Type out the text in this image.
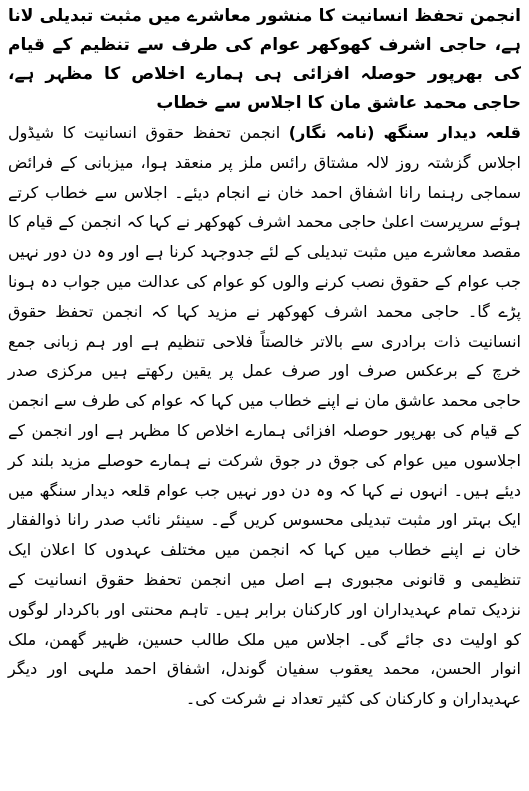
انجمن تحفظ انسانیت کا منشور معاشرے میں مثبت تبدیلی لانا ہے، حاجی اشرف کھوکھر عوام کی طرف سے تنظیم کے قیام کی بھرپور حوصلہ افزائی ہی ہمارے اخلاص کا مظہر ہے، حاجی محمد عاشق مان کا اجلاس سے خطاب

قلعہ دیدار سنگھ (نامہ نگار) انجمن تحفظ حقوق انسانیت کا شیڈول اجلاس گزشتہ روز لالہ مشتاق رائس ملز پر منعقد ہوا، میزبانی کے فرائض سماجی رہنما رانا اشفاق احمد خان نے انجام دیئے۔ اجلاس سے خطاب کرتے ہوئے سرپرست اعلیٰ حاجی محمد اشرف کھوکھر نے کہا کہ انجمن کے قیام کا مقصد معاشرے میں مثبت تبدیلی کے لئے جدوجہد کرنا ہے اور وہ دن دور نہیں جب عوام کے حقوق نصب کرنے والوں کو عوام کی عدالت میں جواب دہ ہونا پڑے گا۔ حاجی محمد اشرف کھوکھر نے مزید کہا کہ انجمن تحفظ حقوق انسانیت ذات برادری سے بالاتر خالصتاً فلاحی تنظیم ہے اور ہم زبانی جمع خرچ کے برعکس صرف اور صرف عمل پر یقین رکھتے ہیں مرکزی صدر حاجی محمد عاشق مان نے اپنے خطاب میں کہا کہ عوام کی طرف سے انجمن کے قیام کی بھرپور حوصلہ افزائی ہمارے اخلاص کا مظہر ہے اور انجمن کے اجلاسوں میں عوام کی جوق در جوق شرکت نے ہمارے حوصلے مزید بلند کر دیئے ہیں۔ انہوں نے کہا کہ وہ دن دور نہیں جب عوام قلعہ دیدار سنگھ میں ایک بہتر اور مثبت تبدیلی محسوس کریں گے۔ سینئر نائب صدر رانا ذوالفقار خان نے اپنے خطاب میں کہا کہ انجمن میں مختلف عہدوں کا اعلان ایک تنظیمی و قانونی مجبوری ہے اصل میں انجمن تحفظ حقوق انسانیت کے نزدیک تمام عہدیداران اور کارکنان برابر ہیں۔ تاہم محنتی اور باکردار لوگوں کو اولیت دی جائے گی۔ اجلاس میں ملک طالب حسین، ظہیر گھمن، ملک انوار الحسن، محمد یعقوب سفیان گوندل، اشفاق احمد ملہی اور دیگر عہدیداران و کارکنان کی کثیر تعداد نے شرکت کی۔
